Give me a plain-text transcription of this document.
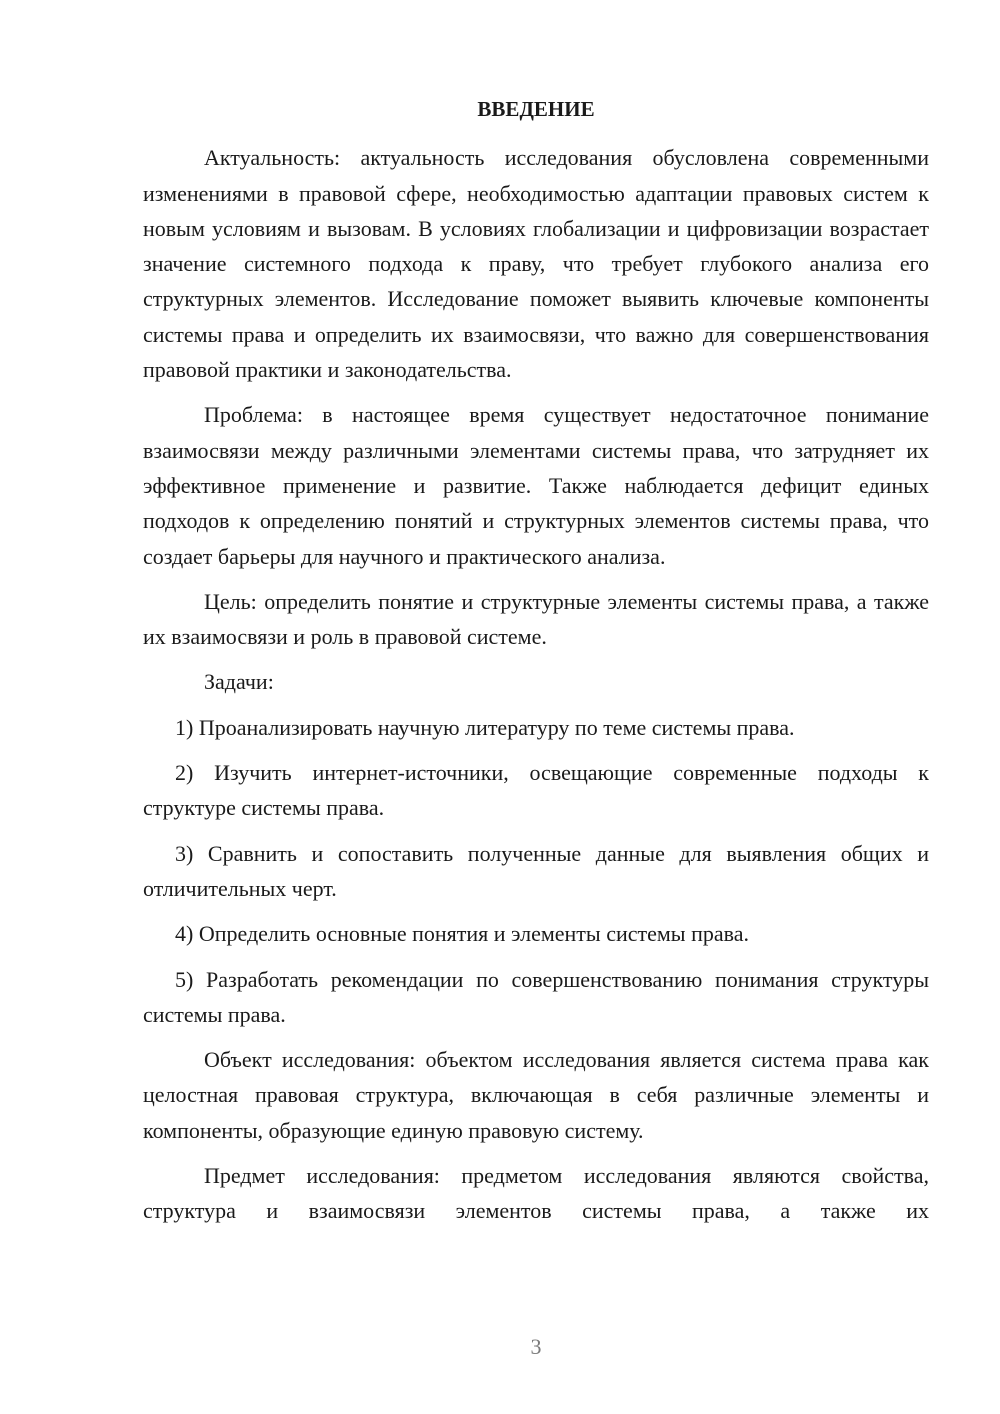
ВВЕДЕНИЕ

Актуальность: актуальность исследования обусловлена современными изменениями в правовой сфере, необходимостью адаптации правовых систем к новым условиям и вызовам. В условиях глобализации и цифровизации возрастает значение системного подхода к праву, что требует глубокого анализа его структурных элементов. Исследование поможет выявить ключевые компоненты системы права и определить их взаимосвязи, что важно для совершенствования правовой практики и законодательства.

Проблема: в настоящее время существует недостаточное понимание взаимосвязи между различными элементами системы права, что затрудняет их эффективное применение и развитие. Также наблюдается дефицит единых подходов к определению понятий и структурных элементов системы права, что создает барьеры для научного и практического анализа.

Цель: определить понятие и структурные элементы системы права, а также их взаимосвязи и роль в правовой системе.

Задачи:

1) Проанализировать научную литературу по теме системы права.

2) Изучить интернет-источники, освещающие современные подходы к структуре системы права.

3) Сравнить и сопоставить полученные данные для выявления общих и отличительных черт.

4) Определить основные понятия и элементы системы права.

5) Разработать рекомендации по совершенствованию понимания структуры системы права.

Объект исследования: объектом исследования является система права как целостная правовая структура, включающая в себя различные элементы и компоненты, образующие единую правовую систему.

Предмет исследования: предметом исследования являются свойства, структура и взаимосвязи элементов системы права, а также их

3
